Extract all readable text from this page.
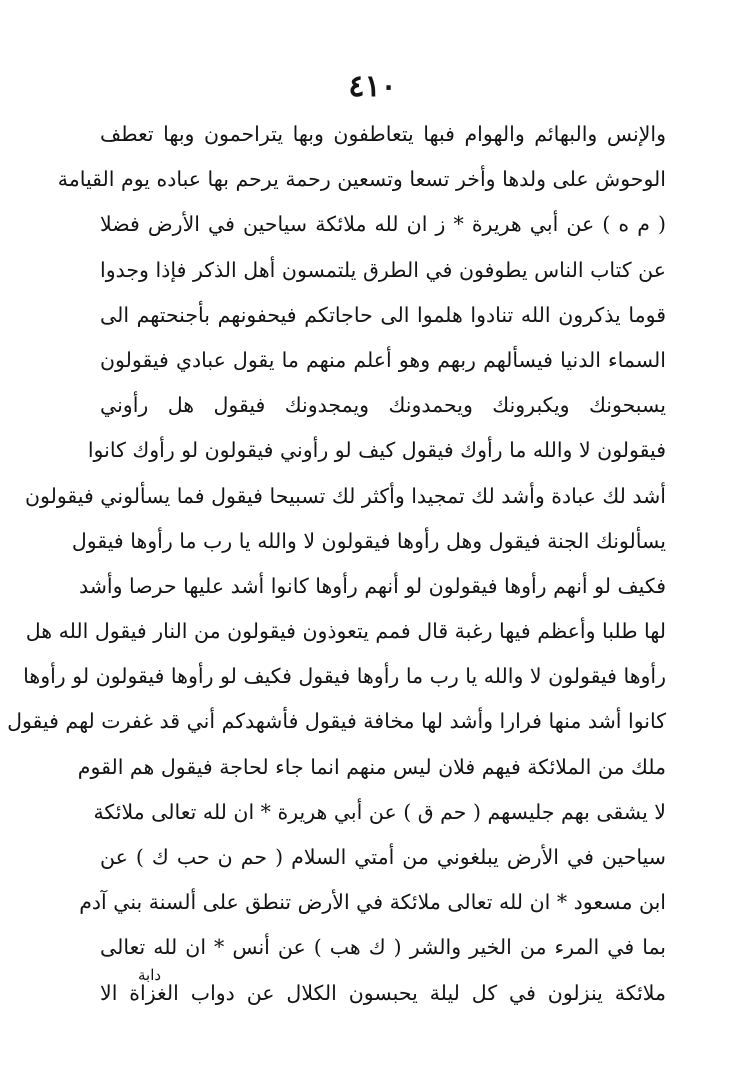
٤١٠
والإنس والبهائم والهوام فبها يتعاطفون وبها يتراحمون وبها تعطف
الوحوش على ولدها وأخر تسعا وتسعين رحمة يرحم بها عباده يوم القيامة
( م ه ) عن أبي هريرة * ز ان لله ملائكة سياحين في الأرض فضلا
عن كتاب الناس يطوفون في الطرق يلتمسون أهل الذكر فإذا وجدوا
قوما يذكرون الله تنادوا هلموا الى حاجاتكم فيحفونهم بأجنحتهم الى
السماء الدنيا فيسألهم ربهم وهو أعلم منهم ما يقول عبادي فيقولون
يسبحونك ويكبرونك ويحمدونك ويمجدونك فيقول هل رأوني
فيقولون لا والله ما رأوك فيقول كيف لو رأوني فيقولون لو رأوك كانوا
أشد لك عبادة وأشد لك تمجيدا وأكثر لك تسبيحا فيقول فما يسألوني فيقولون
يسألونك الجنة فيقول وهل رأوها فيقولون لا والله يا رب ما رأوها فيقول
فكيف لو أنهم رأوها فيقولون لو أنهم رأوها كانوا أشد عليها حرصا وأشد
لها طلبا وأعظم فيها رغبة قال فمم يتعوذون فيقولون من النار فيقول الله هل
رأوها فيقولون لا والله يا رب ما رأوها فيقول فكيف لو رأوها فيقولون لو رأوها
كانوا أشد منها فرارا وأشد لها مخافة فيقول فأشهدكم أني قد غفرت لهم فيقول
ملك من الملائكة فيهم فلان ليس منهم انما جاء لحاجة فيقول هم القوم
لا يشقى بهم جليسهم ( حم ق ) عن أبي هريرة * ان لله تعالى ملائكة
سياحين في الأرض يبلغوني من أمتي السلام ( حم ن حب ك ) عن
ابن مسعود * ان لله تعالى ملائكة في الأرض تنطق على ألسنة بني آدم
بما في المرء من الخير والشر ( ك هب ) عن أنس * ان لله تعالى
ملائكة ينزلون في كل ليلة يحبسون الكلال عن دواب الغزاة الا
دابة
